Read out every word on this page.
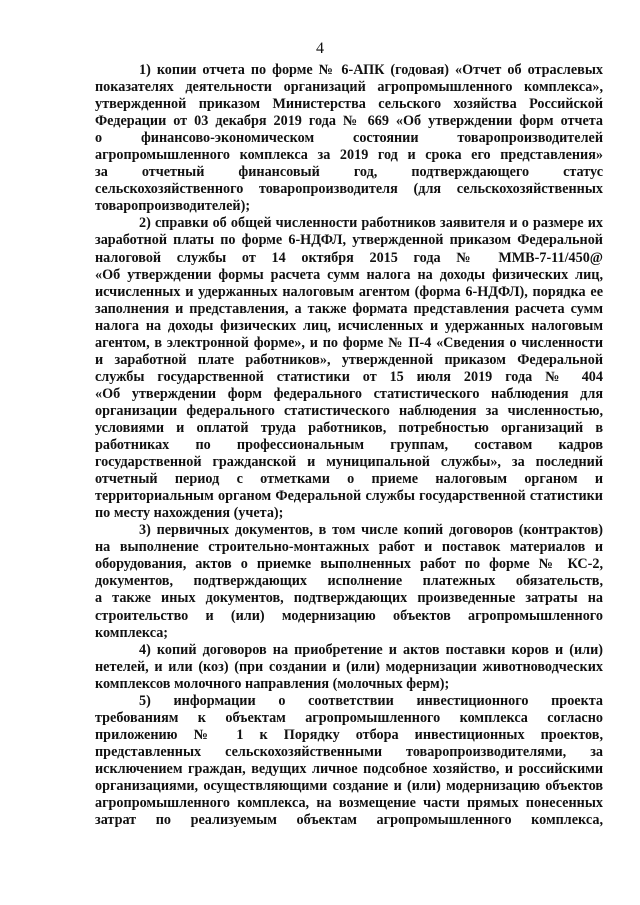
4

1) копии отчета по форме № 6-АПК (годовая) «Отчет об отраслевых
показателях деятельности организаций агропромышленного комплекса»,
утвержденной приказом Министерства сельского хозяйства Российской
Федерации от 03 декабря 2019 года № 669 «Об утверждении форм отчета
о финансово-экономическом состоянии товаропроизводителей
агропромышленного комплекса за 2019 год и срока его представления»
за отчетный финансовый год, подтверждающего статус
сельскохозяйственного товаропроизводителя (для сельскохозяйственных
товаропроизводителей);

2) справки об общей численности работников заявителя и о размере их
заработной платы по форме 6-НДФЛ, утвержденной приказом Федеральной
налоговой службы от 14 октября 2015 года № ММВ-7-11/450@
«Об утверждении формы расчета сумм налога на доходы физических лиц,
исчисленных и удержанных налоговым агентом (форма 6-НДФЛ), порядка ее
заполнения и представления, а также формата представления расчета сумм
налога на доходы физических лиц, исчисленных и удержанных налоговым
агентом, в электронной форме», и по форме № П-4 «Сведения о численности
и заработной плате работников», утвержденной приказом Федеральной
службы государственной статистики от 15 июля 2019 года № 404
«Об утверждении форм федерального статистического наблюдения для
организации федерального статистического наблюдения за численностью,
условиями и оплатой труда работников, потребностью организаций в
работниках по профессиональным группам, составом кадров
государственной гражданской и муниципальной службы», за последний
отчетный период с отметками о приеме налоговым органом и
территориальным органом Федеральной службы государственной статистики
по месту нахождения (учета);

3) первичных документов, в том числе копий договоров (контрактов)
на выполнение строительно-монтажных работ и поставок материалов и
оборудования, актов о приемке выполненных работ по форме № КС-2,
документов, подтверждающих исполнение платежных обязательств,
а также иных документов, подтверждающих произведенные затраты на
строительство и (или) модернизацию объектов агропромышленного
комплекса;

4) копий договоров на приобретение и актов поставки коров и (или)
нетелей, и или (коз) (при создании и (или) модернизации животноводческих
комплексов молочного направления (молочных ферм);

5) информации о соответствии инвестиционного проекта
требованиям к объектам агропромышленного комплекса согласно
приложению № 1 к Порядку отбора инвестиционных проектов,
представленных сельскохозяйственными товаропроизводителями, за
исключением граждан, ведущих личное подсобное хозяйство, и российскими
организациями, осуществляющими создание и (или) модернизацию объектов
агропромышленного комплекса, на возмещение части прямых понесенных
затрат по реализуемым объектам агропромышленного комплекса,
